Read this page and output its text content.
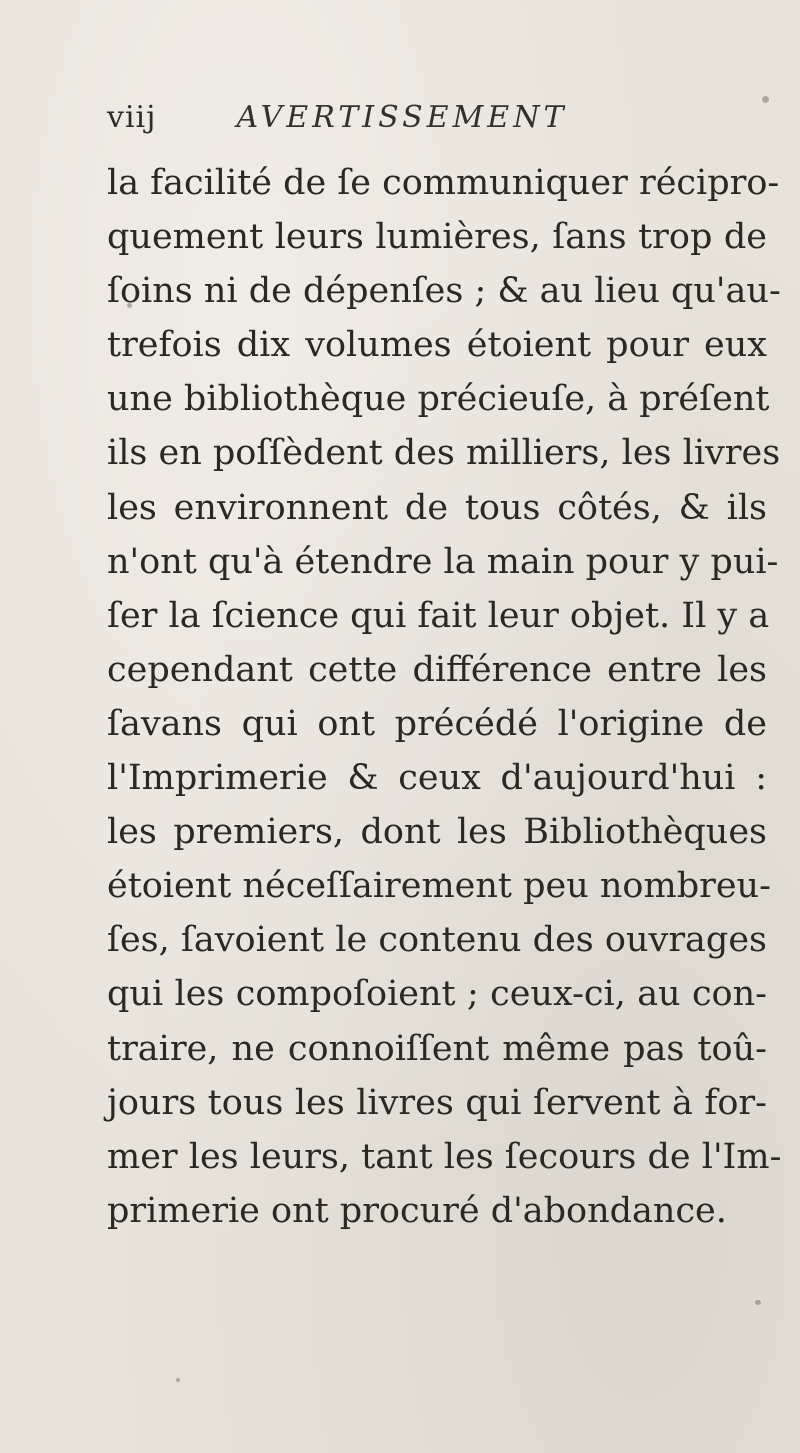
viij	AVERTISSEMENT
la facilité de ſe communiquer récipro-
quement leurs lumières, ſans trop de
ſoins ni de dépenſes ; & au lieu qu'au-
trefois dix volumes étoient pour eux
une bibliothèque précieuſe, à préſent
ils en poſſèdent des milliers, les livres
les environnent de tous côtés, & ils
n'ont qu'à étendre la main pour y pui-
ſer la ſcience qui fait leur objet. Il y a
cependant cette différence entre les
ſavans qui ont précédé l'origine de
l'Imprimerie & ceux d'aujourd'hui :
les premiers, dont les Bibliothèques
étoient néceſſairement peu nombreu-
ſes, ſavoient le contenu des ouvrages
qui les compoſoient ; ceux-ci, au con-
traire, ne connoiſſent même pas toû-
jours tous les livres qui ſervent à for-
mer les leurs, tant les ſecours de l'Im-
primerie ont procuré d'abondance.
